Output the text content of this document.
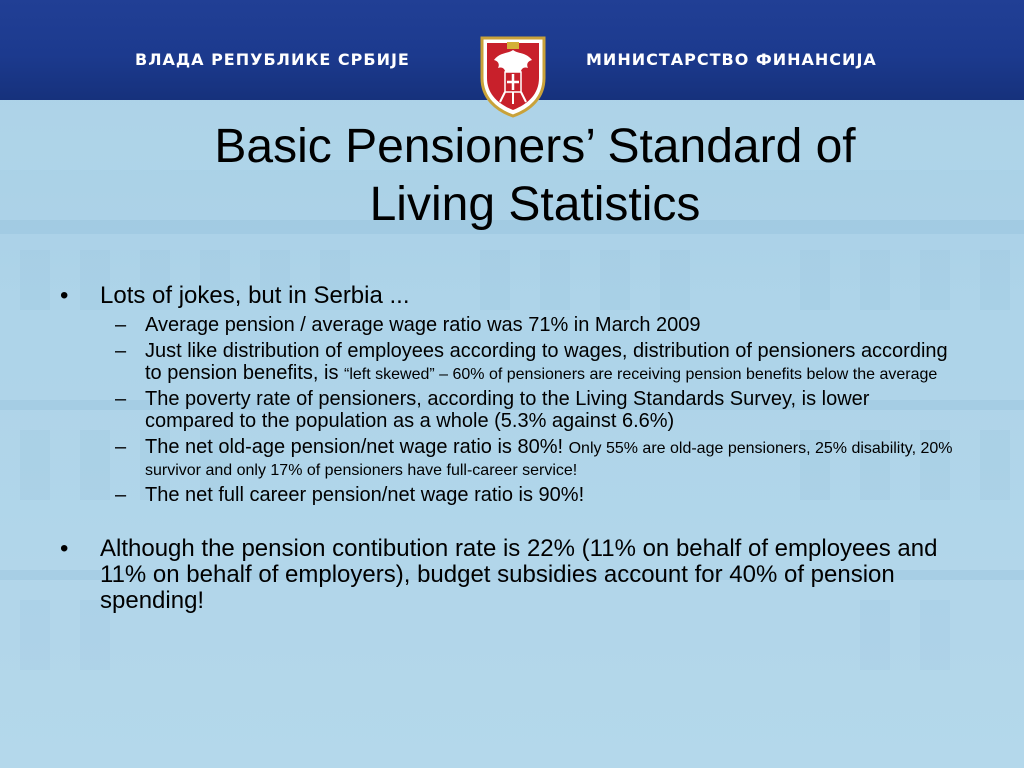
ВЛАДА РЕПУБЛИКЕ СРБИЈЕ	МИНИСТАРСТВО ФИНАНСИЈА
Basic Pensioners’ Standard of
Living Statistics
• Lots of jokes, but in Serbia ...
– Average pension / average wage ratio was 71% in March 2009
– Just like distribution of employees according to wages, distribution of pensioners according to pension benefits, is “left skewed” – 60% of pensioners are receiving pension benefits below the average
– The poverty rate of pensioners, according to the Living Standards Survey, is lower compared to the population as a whole (5.3% against 6.6%)
– The net old-age pension/net wage ratio is 80%! Only 55% are old-age pensioners, 25% disability, 20% survivor and only 17% of pensioners have full-career service!
– The net full career pension/net wage ratio is 90%!
• Although the pension contibution rate is 22% (11% on behalf of employees and 11% on behalf of employers), budget subsidies account for 40% of pension spending!
